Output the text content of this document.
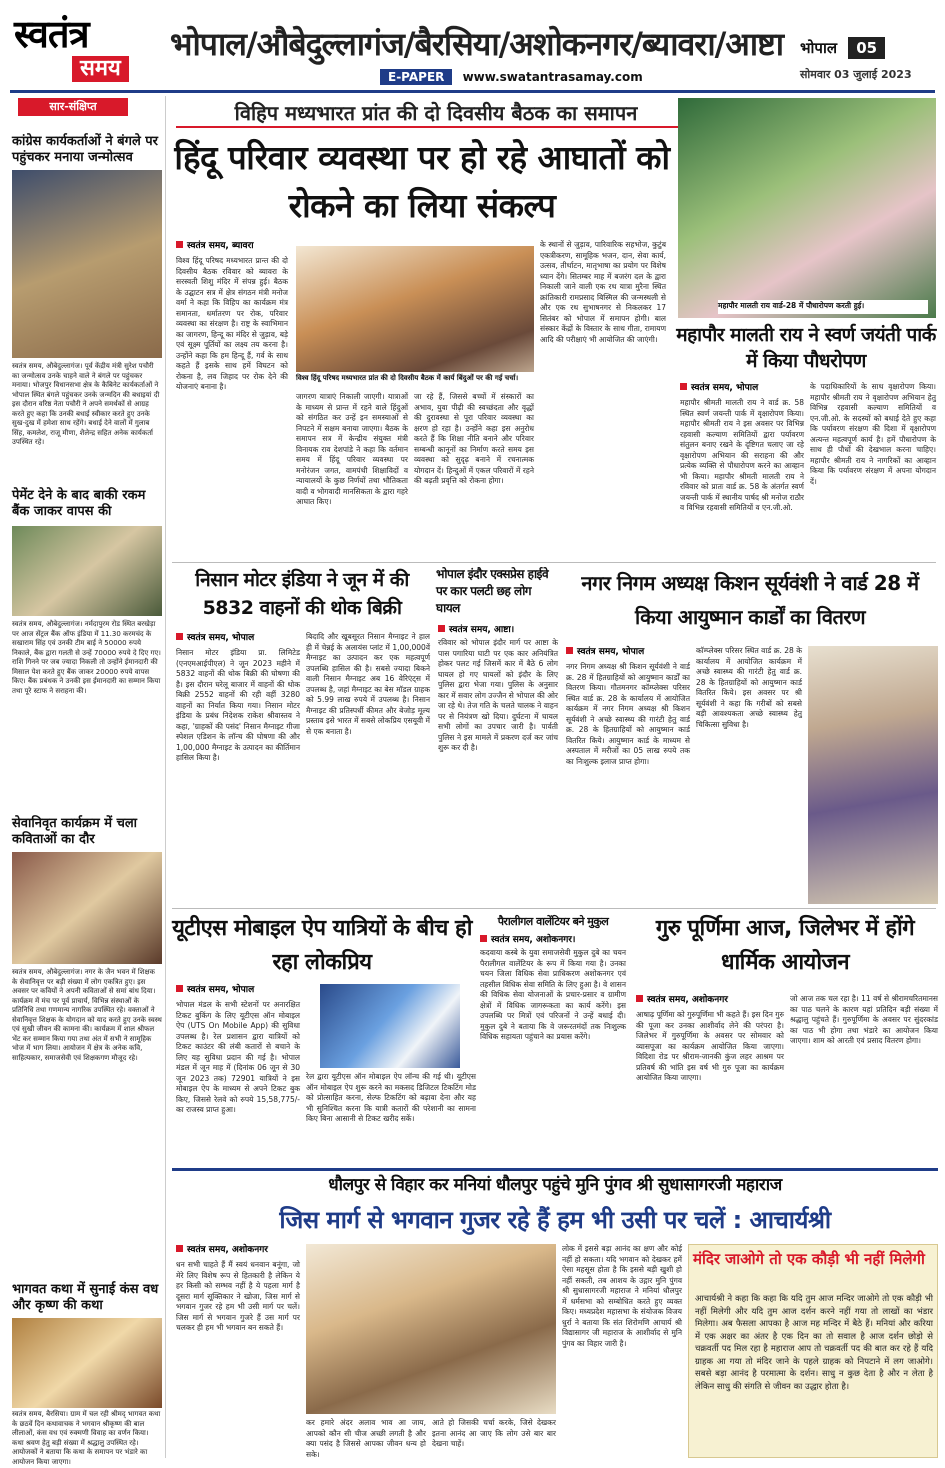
स्वतंत्र
समय
भोपाल/औबेदुल्लागंज/बैरसिया/अशोकनगर/ब्यावरा/आष्टा
E-PAPER www.swatantrasamay.com
भोपाल 05
सोमवार 03 जुलाई 2023
सार-संक्षिप्त
कांग्रेस कार्यकर्ताओं ने बंगले पर पहुंचकर मनाया जन्मोत्सव
स्वतंत्र समय, औबेदुल्लागंज। पूर्व केंद्रीय मंत्री सुरेश पचौरी का जन्मोत्सव उनके चाहने वाले ने बंगले पर पहुंचकर मनाया। भोजपुर विधानसभा क्षेत्र के कैबिनेट कार्यकर्ताओं ने भोपाल स्थित बंगले पहुंचकर उनके जन्मदिन की बधाइयां दी इस दौरान वरिष्ठ नेता पचौरी ने अपने समर्थकों से आग्रह करते हुए कहा कि उनकी बधाई स्वीकार करते हुए उनके सुख-दुख में हमेशा साथ रहेंगे। बधाई देने वालों में गुलाब सिंह, कमलेश, राजू मीणा, शैलेन्द्र सहित अनेक कार्यकर्ता उपस्थित रहे।
पेमेंट देने के बाद बाकी रकम बैंक जाकर वापस की
स्वतंत्र समय, औबेदुल्लागंज। नर्मदापुरम रोड स्थित बरखेड़ा पर आज सेंट्रल बैंक ऑफ इंडिया में 11.30 करमचंद के सखाराम सिंह एवं उनकी टीम बाई ने 50000 रुपये निकाले, बैंक द्वारा गलती से उन्हें 70000 रुपये दे दिए गए। राशि गिनने पर जब ज्यादा निकली तो उन्होंने ईमानदारी की मिसाल पेश करते हुए बैंक जाकर 20000 रुपये वापस किए। बैंक प्रबंधक ने उनकी इस ईमानदारी का सम्मान किया तथा पूरे स्टाफ ने सराहना की।
सेवानिवृत कार्यक्रम में चला कविताओं का दौर
स्वतंत्र समय, औबेदुल्लागंज। नगर के जैन भवन में शिक्षक के सेवानिवृत्त पर बड़ी संख्या में लोग एकत्रित हुए। इस अवसर पर कवियों ने अपनी कविताओं से समां बांध दिया। कार्यक्रम में मंच पर पूर्व प्राचार्य, विभिन्न संस्थाओं के प्रतिनिधि तथा गणमान्य नागरिक उपस्थित रहे। वक्ताओं ने सेवानिवृत्त शिक्षक के योगदान को याद करते हुए उनके स्वस्थ एवं सुखी जीवन की कामना की। कार्यक्रम में शाल श्रीफल भेंट कर सम्मान किया गया तथा अंत में सभी ने सामूहिक भोज में भाग लिया। आयोजन में क्षेत्र के अनेक कवि, साहित्यकार, समाजसेवी एवं शिक्षकगण मौजूद रहे।
भागवत कथा में सुनाई कंस वध और कृष्ण की कथा
स्वतंत्र समय, बैरसिया। ग्राम में चल रही श्रीमद् भागवत कथा के छठवें दिन कथावाचक ने भगवान श्रीकृष्ण की बाल लीलाओं, कंस वध एवं रुक्मणी विवाह का वर्णन किया। कथा श्रवण हेतु बड़ी संख्या में श्रद्धालु उपस्थित रहे। आयोजकों ने बताया कि कथा के समापन पर भंडारे का आयोजन किया जाएगा।
विहिप मध्यभारत प्रांत की दो दिवसीय बैठक का समापन
हिंदू परिवार व्यवस्था पर हो रहे आघातों को रोकने का लिया संकल्प
स्वतंत्र समय, ब्यावरा
विश्व हिंदू परिषद मध्यभारत प्रान्त की दो दिवसीय बैठक रविवार को ब्यावरा के सरस्वती शिशु मंदिर में संपन्न हुई। बैठक के उद्घाटन सत्र में क्षेत्र संगठन मंत्री मनोज वर्मा ने कहा कि विहिप का कार्यक्रम मंत्र समानता, धर्मातरण पर रोक, परिवार व्यवस्था का संरक्षण है। राष्ट्र के स्वाभिमान का जागरण, हिन्दू का मंदिर से जुड़ाव, बड़े एवं सूक्ष्म पूर्तियों का लक्ष्य तय करना है। उन्होंने कहा कि हम हिन्दू हैं, गर्व के साथ कहते हैं इसके साथ हमें विघटन को रोकना है, लव जिहाद पर रोक देने की योजनाएं बनाना है।
विश्व हिंदू परिषद मध्यभारत प्रांत की दो दिवसीय बैठक में कार्य बिंदुओं पर की गई चर्चा।
जागरण यात्राएं निकाली जाएगी। यात्राओं के माध्यम से प्रान्त में रहने वाले हिंदुओं को संगठित कर उन्हें इन समस्याओं से निपटने में सक्षम बनाया जाएगा। बैठक के समापन सत्र में केन्द्रीय संयुक्त मंत्री विनायक राव देशपांडे ने कहा कि वर्तमान समय में हिंदू परिवार व्यवस्था पर मनोरंजन जगत, वामपंथी शिक्षाविदों व न्यायालयों के कुछ निर्णयों तथा भौतिकता वादी व भोगवादी मानसिकता के द्वारा गहरे आघात किए।
जा रहे हैं, जिससे बच्चों में संस्कारों का अभाव, युवा पीढ़ी की स्वच्छंदता और वृद्धों की दुरावस्था से पूरा परिवार व्यवस्था का क्षरण हो रहा है। उन्होंने कहा इस अनुरोध करते हैं कि शिक्षा नीति बनाने और परिवार सम्बन्धी कानूनों का निर्माण करते समय इस व्यवस्था को सुदृढ़ बनाने में रचनात्मक योगदान दें। हिन्दुओं में एकल परिवारों में रहने की बढ़ती प्रवृत्ति को रोकना होगा।
के स्थानों से जुड़ाव, पारिवारिक सहभोज, कुटुंब एकत्रीकरण, सामूहिक भजन, दान, सेवा कार्य, उत्सव, तीर्थाटन, मातृभाषा का प्रयोग पर विशेष ध्यान देंगे। सितम्बर माह में बजरंग दल के द्वारा निकाली जाने वाली एक रथ यात्रा मुरैना स्थित क्रांतिकारी रामप्रसाद बिस्मिल की जन्मस्थली से और एक रथ सुभाषनगर से निकलकर 17 सितंबर को भोपाल में समापन होगी। बाल संस्कार केंद्रों के विस्तार के साथ गीता, रामायण आदि की परीक्षाएं भी आयोजित की जाएंगी।
महापौर मालती राय वार्ड-28 में पौधारोपण करती हुई।
महापौर मालती राय ने स्वर्ण जयंती पार्क में किया पौधरोपण
स्वतंत्र समय, भोपाल
महापौर श्रीमती मालती राय ने वार्ड क्र. 58 स्थित स्वर्ण जयन्ती पार्क में वृक्षारोपण किया। महापौर श्रीमती राय ने इस अवसर पर विभिन्न रहवासी कल्याण समितियों द्वारा पर्यावरण संतुलन बनाए रखने के दृष्टिगत चलाए जा रहे वृक्षारोपण अभियान की सराहना की और प्रत्येक व्यक्ति से पौधारोपण करने का आव्हान भी किया। महापौर श्रीमती मालती राय ने रविवार को प्रातः वार्ड क्र. 58 के अंतर्गत स्वर्ण जयन्ती पार्क में स्थानीय पार्षद श्री मनोज राठौर व विभिन्न रहवासी समितियों व एन.जी.ओ.
के पदाधिकारियों के साथ वृक्षारोपण किया। महापौर श्रीमती राय ने वृक्षारोपण अभियान हेतु विभिन्न रहवासी कल्याण समितियों व एन.जी.ओ. के सदस्यों को बधाई देते हुए कहा कि पर्यावरण संरक्षण की दिशा में वृक्षारोपण अत्यन्त महत्वपूर्ण कार्य है। हमें पौधारोपण के साथ ही पौधों की देखभाल करना चाहिए। महापौर श्रीमती राय ने नागरिकों का आव्हान किया कि पर्यावरण संरक्षण में अपना योगदान दें।
निसान मोटर इंडिया ने जून में की 5832 वाहनों की थोक बिक्री
स्वतंत्र समय, भोपाल
निसान मोटर इंडिया प्रा. लिमिटेड (एनएमआईपीएल) ने जून 2023 महीने में 5832 वाहनों की थोक बिक्री की घोषणा की है। इस दौरान घरेलू बाजार में वाहनों की थोक बिक्री 2552 वाहनों की रही वहीं 3280 वाहनों का निर्यात किया गया। निसान मोटर इंडिया के प्रबंध निदेशक राकेश श्रीवास्तव ने कहा, 'ग्राहकों की पसंद' निसान मैग्नाइट गीजा स्पेशल एडिशन के लॉन्च की घोषणा की और 1,00,000 मैग्नाइट के उत्पादन का कीर्तिमान हासिल किया है।
बिदादि और खूबसूरत निसान मैग्नाइट ने हाल ही में चेन्नई के अलायंस प्लांट में 1,00,000वें मैग्नाइट का उत्पादन कर एक महत्वपूर्ण उपलब्धि हासिल की है। सबसे ज्यादा बिकने वाली निसान मैग्नाइट अब 16 वेरिएंट्स में उपलब्ध है, जहां मैग्नाइट का बेस मॉडल ग्राहक को 5.99 लाख रुपये में उपलब्ध है। निसान मैग्नाइट की प्रतिस्पर्धी कीमत और बेजोड़ मूल्य प्रस्ताव इसे भारत में सबसे लोकप्रिय एसयूवी में से एक बनाता है।
भोपाल इंदौर एक्सप्रेस हाईवे पर कार पलटी छह लोग घायल
स्वतंत्र समय, आष्टा।
रविवार को भोपाल इंदौर मार्ग पर आष्टा के पास पगारिया घाटी पर एक कार अनियंत्रित होकर पलट गई जिसमें कार में बैठे 6 लोग घायल हो गए घायलों को इंदौर के लिए पुलिस द्वारा भेजा गया। पुलिस के अनुसार कार में सवार लोग उज्जैन से भोपाल की ओर जा रहे थे। तेज गति के चलते चालक ने वाहन पर से नियंत्रण खो दिया। दुर्घटना में घायल सभी लोगों का उपचार जारी है। पार्वती पुलिस ने इस मामले में प्रकरण दर्ज कर जांच शुरू कर दी है।
नगर निगम अध्यक्ष किशन सूर्यवंशी ने वार्ड 28 में किया आयुष्मान कार्डों का वितरण
स्वतंत्र समय, भोपाल
नगर निगम अध्यक्ष श्री किशन सूर्यवंशी ने वार्ड क्र. 28 में हितग्राहियों को आयुष्मान कार्डों का वितरण किया। गौतमनगर कॉम्प्लेक्स परिसर स्थित वार्ड क्र. 28 के कार्यालय में आयोजित कार्यक्रम में नगर निगम अध्यक्ष श्री किशन सूर्यवंशी ने अच्छे स्वास्थ्य की गारंटी हेतु वार्ड क्र. 28 के हितग्राहियों को आयुष्मान कार्ड वितरित किये। आयुष्मान कार्ड के माध्यम से अस्पताल में मरीजों का 05 लाख रुपये तक का निःशुल्क इलाज प्राप्त होगा।
कॉम्प्लेक्स परिसर स्थित वार्ड क्र. 28 के कार्यालय में आयोजित कार्यक्रम में अच्छे स्वास्थ्य की गारंटी हेतु वार्ड क्र. 28 के हितग्राहियों को आयुष्मान कार्ड वितरित किये। इस अवसर पर श्री सूर्यवंशी ने कहा कि गरीबों को सबसे बड़ी आवश्यकता अच्छे स्वास्थ्य हेतु चिकित्सा सुविधा है।
यूटीएस मोबाइल ऐप यात्रियों के बीच हो रहा लोकप्रिय
स्वतंत्र समय, भोपाल
भोपाल मंडल के सभी स्टेशनों पर अनारक्षित टिकट बुकिंग के लिए यूटीएस ऑन मोबाइल ऐप (UTS On Mobile App) की सुविधा उपलब्ध है। रेल प्रशासन द्वारा यात्रियों को टिकट काउंटर की लंबी कतारों से बचाने के लिए यह सुविधा प्रदान की गई है। भोपाल मंडल में जून माह में (दिनांक 06 जून से 30 जून 2023 तक) 72901 यात्रियों ने इस मोबाइल ऐप के माध्यम से अपने टिकट बुक किए, जिससे रेलवे को रुपये 15,58,775/- का राजस्व प्राप्त हुआ।
रेल द्वारा यूटीएस ऑन मोबाइल ऐप लॉन्च की गई थी। यूटीएस ऑन मोबाइल ऐप शुरू करने का मकसद डिजिटल टिकटिंग मोड को प्रोत्साहित करना, सेल्फ टिकटिंग को बढ़ावा देना और यह भी सुनिश्चित करना कि यात्री कतारों की परेशानी का सामना किए बिना आसानी से टिकट खरीद सकें।
पैरालीगल वालेंटियर बने मुकुल
स्वतंत्र समय, अशोकनगर।
कदवाया कस्बे के युवा समाजसेवी मुकुल दुबे का चयन पैरालीगल वालेंटियर के रूप में किया गया है। उनका चयन जिला विधिक सेवा प्राधिकरण अशोकनगर एवं तहसील विधिक सेवा समिति के लिए हुआ है। वे शासन की विधिक सेवा योजनाओं के प्रचार-प्रसार व ग्रामीण क्षेत्रों में विधिक जागरूकता का कार्य करेंगे। इस उपलब्धि पर मित्रों एवं परिजनों ने उन्हें बधाई दी। मुकुल दुबे ने बताया कि वे जरूरतमंदों तक निःशुल्क विधिक सहायता पहुंचाने का प्रयास करेंगे।
गुरु पूर्णिमा आज, जिलेभर में होंगे धार्मिक आयोजन
स्वतंत्र समय, अशोकनगर
आषाढ़ पूर्णिमा को गुरुपूर्णिमा भी कहते हैं। इस दिन गुरु की पूजा कर उनका आशीर्वाद लेने की परंपरा है। जिलेभर में गुरुपूर्णिमा के अवसर पर सोमवार को व्यासपूजा का कार्यक्रम आयोजित किया जाएगा। विदिशा रोड पर श्रीराम-जानकी कुंज लहर आश्रम पर प्रतिवर्ष की भांति इस वर्ष भी गुरु पूजा का कार्यक्रम आयोजित किया जाएगा।
जो आज तक चल रहा है। 11 वर्ष से श्रीरामचरितमानस का पाठ चलने के कारण यहां प्रतिदिन बड़ी संख्या में श्रद्धालु पहुंचते हैं। गुरुपूर्णिमा के अवसर पर सुंदरकांड का पाठ भी होगा तथा भंडारे का आयोजन किया जाएगा। शाम को आरती एवं प्रसाद वितरण होगा।
धौलपुर से विहार कर मनियां धौलपुर पहुंचे मुनि पुंगव श्री सुधासागरजी महाराज
जिस मार्ग से भगवान गुजर रहे हैं हम भी उसी पर चलें : आचार्यश्री
स्वतंत्र समय, अशोकनगर
धन सभी चाहते हैं मैं स्वयं धनवान बनूंगा, जो मेरे लिए विशेष रूप से हितकारी है लेकिन ये हर किसी को सम्भव नहीं है ये पहला मार्ग है दूसरा मार्ग सूक्तिकार ने खोजा, जिस मार्ग से भगवान गुजर रहे हम भी उसी मार्ग पर चलें। जिस मार्ग से भगवान गुजरे हैं उस मार्ग पर चलकर ही हम भी भगवान बन सकते हैं।
कर हमारे अंदर अलाव भाव आ जाय, आपको कौन सी चीज अच्छी लगती है और क्या पसंद है जिससे आपका जीवन धन्य हो सके।
आते हो जिसकी चर्चा करके, जिसे देखकर इतना आनंद आ जाए कि लोग उसे बार बार देखना चाहें।
लोक में इससे बड़ा आनंद का क्षण और कोई नहीं हो सकता। यदि भगवान को देखकर हमें ऐसा महसूस होता है कि इससे बड़ी खुशी हो नहीं सकती, तब आशय के उद्गार मुनि पुंगव श्री सुधासागरजी महाराज ने मनियां धौलपुर में धर्मसभा को सम्बोधित करते हुए व्यक्त किए। मध्यप्रदेश महासभा के संयोजक विजय धुर्रा ने बताया कि संत शिरोमणि आचार्य श्री विद्यासागर जी महाराज के आशीर्वाद से मुनि पुंगव का विहार जारी है।
मंदिर जाओगे तो एक कौड़ी भी नहीं मिलेगी
आचार्यश्री ने कहा कि कहा कि यदि तुम आज मन्दिर जाओगे तो एक कौड़ी भी नहीं मिलेगी और यदि तुम आज दर्शन करने नहीं गया तो लाखों का भंडार मिलेगा। अब फैसला आपका है आज मह मन्दिर में बैठे हैं। मनियां और करिया में एक अक्षर का अंतर है एक दिन का तो सवाल है आज दर्शन छोड़ो से चक्रवर्ती पद मिल रहा है महाराज आप तो चक्रवर्ती पद की बात कर रहे हैं यदि ग्राहक आ गया तो मंदिर जाने के पहले ग्राहक को निपटाने में लग जाओगे। सबसे बड़ा आनंद है परमात्मा के दर्शन। साधु न कुछ देता है और न लेता है लेकिन साधु की संगति से जीवन का उद्धार होता है।
